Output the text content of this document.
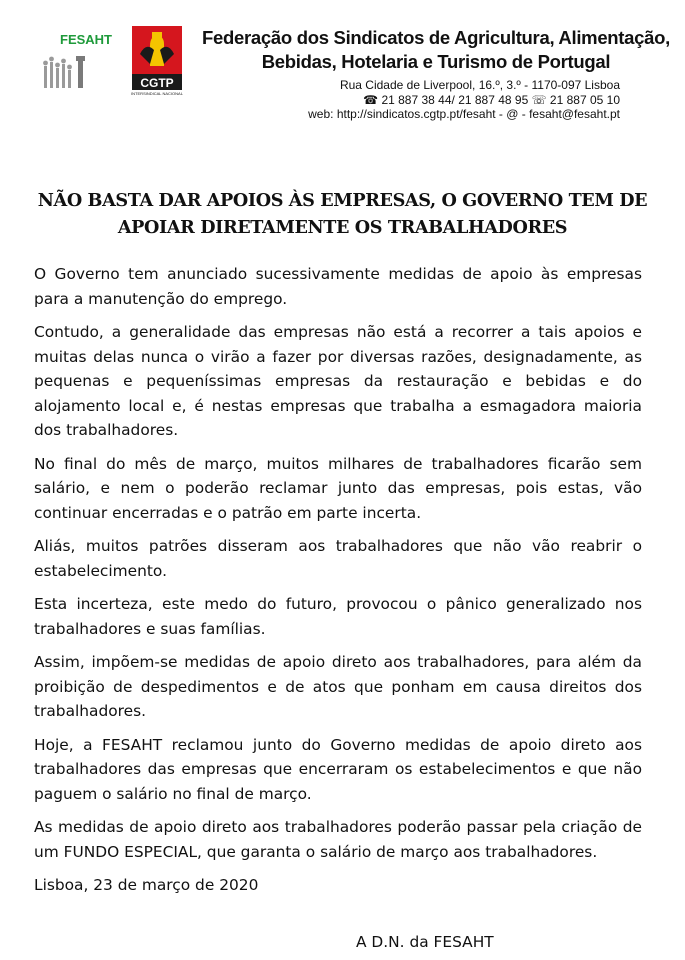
FESAHT
CGTP
INTERSINDICAL NACIONAL
Federação dos Sindicatos de Agricultura, Alimentação,
Bebidas, Hotelaria e Turismo de Portugal
Rua Cidade de Liverpool, 16.º, 3.º - 1170-097 Lisboa
☎ 21 887 38 44/ 21 887 48 95 ☏ 21 887 05 10
web: http://sindicatos.cgtp.pt/fesaht - @ - fesaht@fesaht.pt
NÃO BASTA DAR APOIOS ÀS EMPRESAS, O GOVERNO TEM DE
APOIAR DIRETAMENTE OS TRABALHADORES

O Governo tem anunciado sucessivamente medidas de apoio às empresas para a manutenção do emprego.

Contudo, a generalidade das empresas não está a recorrer a tais apoios e muitas delas nunca o virão a fazer por diversas razões, designadamente, as pequenas e pequeníssimas empresas da restauração e bebidas e do alojamento local e, é nestas empresas que trabalha a esmagadora maioria dos trabalhadores.

No final do mês de março, muitos milhares de trabalhadores ficarão sem salário, e nem o poderão reclamar junto das empresas, pois estas, vão continuar encerradas e o patrão em parte incerta.

Aliás, muitos patrões disseram aos trabalhadores que não vão reabrir o estabelecimento.

Esta incerteza, este medo do futuro, provocou o pânico generalizado nos trabalhadores e suas famílias.

Assim, impõem-se medidas de apoio direto aos trabalhadores, para além da proibição de despedimentos e de atos que ponham em causa direitos dos trabalhadores.

Hoje, a FESAHT reclamou junto do Governo medidas de apoio direto aos trabalhadores das empresas que encerraram os estabelecimentos e que não paguem o salário no final de março.

As medidas de apoio direto aos trabalhadores poderão passar pela criação de um FUNDO ESPECIAL, que garanta o salário de março aos trabalhadores.

Lisboa, 23 de março de 2020

A D.N. da FESAHT
